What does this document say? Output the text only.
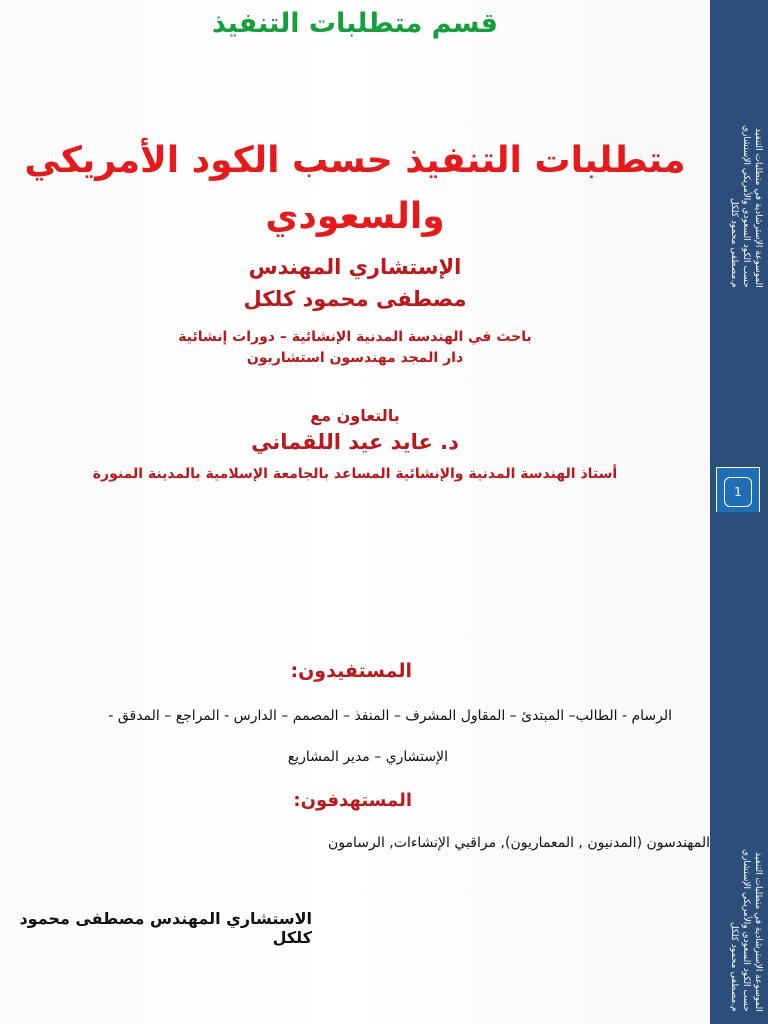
قسم متطلبات التنفيذ
متطلبات التنفيذ حسب الكود الأمريكي
والسعودي
الإستشاري المهندس
مصطفى محمود كلكل
باحث في الهندسة المدنية الإنشائية – دورات إنشائية
دار المجد مهندسون استشاريون
بالتعاون مع
د. عايد عيد اللقماني
أستاذ الهندسة المدنية والإنشائية المساعد بالجامعة الإسلامية بالمدينة المنورة
الموسوعة الإسترشادية في متطلبات التنفيذ
حسب الكود السعودي والأمريكي الإستشاري
م.مصطفى محمود كلكل
1
المستفيدون:
الرسام - الطالب– المبتدئ – المقاول المشرف – المنفذ – المصمم – الدارس - المراجع – المدقق -
الإستشاري – مدير المشاريع
المستهدفون:
المهندسون (المدنيون , المعماريون), مراقبي الإنشاءات, الرسامون
الاستشاري المهندس مصطفى محمود كلكل	الموسوعة الإسترشادية في متطلبات التنفيذ
حسب الكود السعودي والأمريكي الإستشاري
م.مصطفى محمود كلكل
